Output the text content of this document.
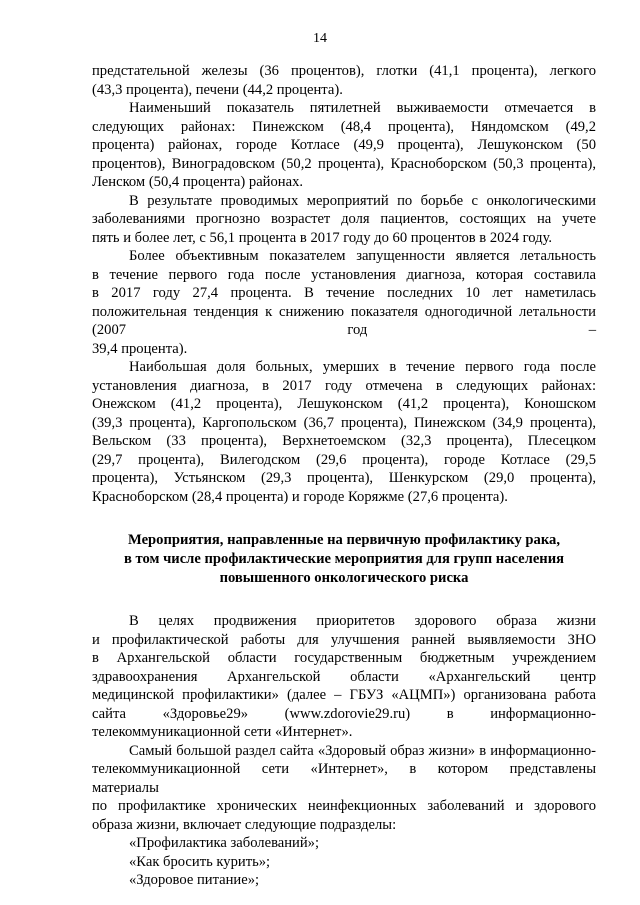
14
предстательной железы (36 процентов), глотки (41,1 процента), легкого
(43,3 процента), печени (44,2 процента).
Наименьший показатель пятилетней выживаемости отмечается в
следующих районах: Пинежском (48,4 процента), Няндомском (49,2
процента) районах, городе Котласе (49,9 процента), Лешуконском (50
процентов), Виноградовском (50,2 процента), Красноборском (50,3 процента),
Ленском (50,4 процента) районах.
В результате проводимых мероприятий по борьбе с онкологическими
заболеваниями прогнозно возрастет доля пациентов, состоящих на учете
пять и более лет, с 56,1 процента в 2017 году до 60 процентов в 2024 году.
Более объективным показателем запущенности является летальность
в течение первого года после установления диагноза, которая составила
в 2017 году 27,4 процента. В течение последних 10 лет наметилась
положительная тенденция к снижению показателя одногодичной летальности
(2007 год –
39,4 процента).
Наибольшая доля больных, умерших в течение первого года после
установления диагноза, в 2017 году отмечена в следующих районах:
Онежском (41,2 процента), Лешуконском (41,2 процента), Коношском
(39,3 процента), Каргопольском (36,7 процента), Пинежском (34,9 процента),
Вельском (33 процента), Верхнетоемском (32,3 процента), Плесецком
(29,7 процента), Вилегодском (29,6 процента), городе Котласе (29,5
процента), Устьянском (29,3 процента), Шенкурском (29,0 процента),
Красноборском (28,4 процента) и городе Коряжме (27,6 процента).
Мероприятия, направленные на первичную профилактику рака,
в том числе профилактические мероприятия для групп населения
повышенного онкологического риска
В целях продвижения приоритетов здорового образа жизни
и профилактической работы для улучшения ранней выявляемости ЗНО
в Архангельской области государственным бюджетным учреждением
здравоохранения Архангельской области «Архангельский центр
медицинской профилактики» (далее – ГБУЗ «АЦМП») организована работа
сайта «Здоровье29» (www.zdorovie29.ru) в информационно-
телекоммуникационной сети «Интернет».
Самый большой раздел сайта «Здоровый образ жизни» в информационно-
телекоммуникационной сети «Интернет», в котором представлены
материалы
по профилактике хронических неинфекционных заболеваний и здорового
образа жизни, включает следующие подразделы:

«Профилактика заболеваний»;

«Как бросить курить»;

«Здоровое питание»;
